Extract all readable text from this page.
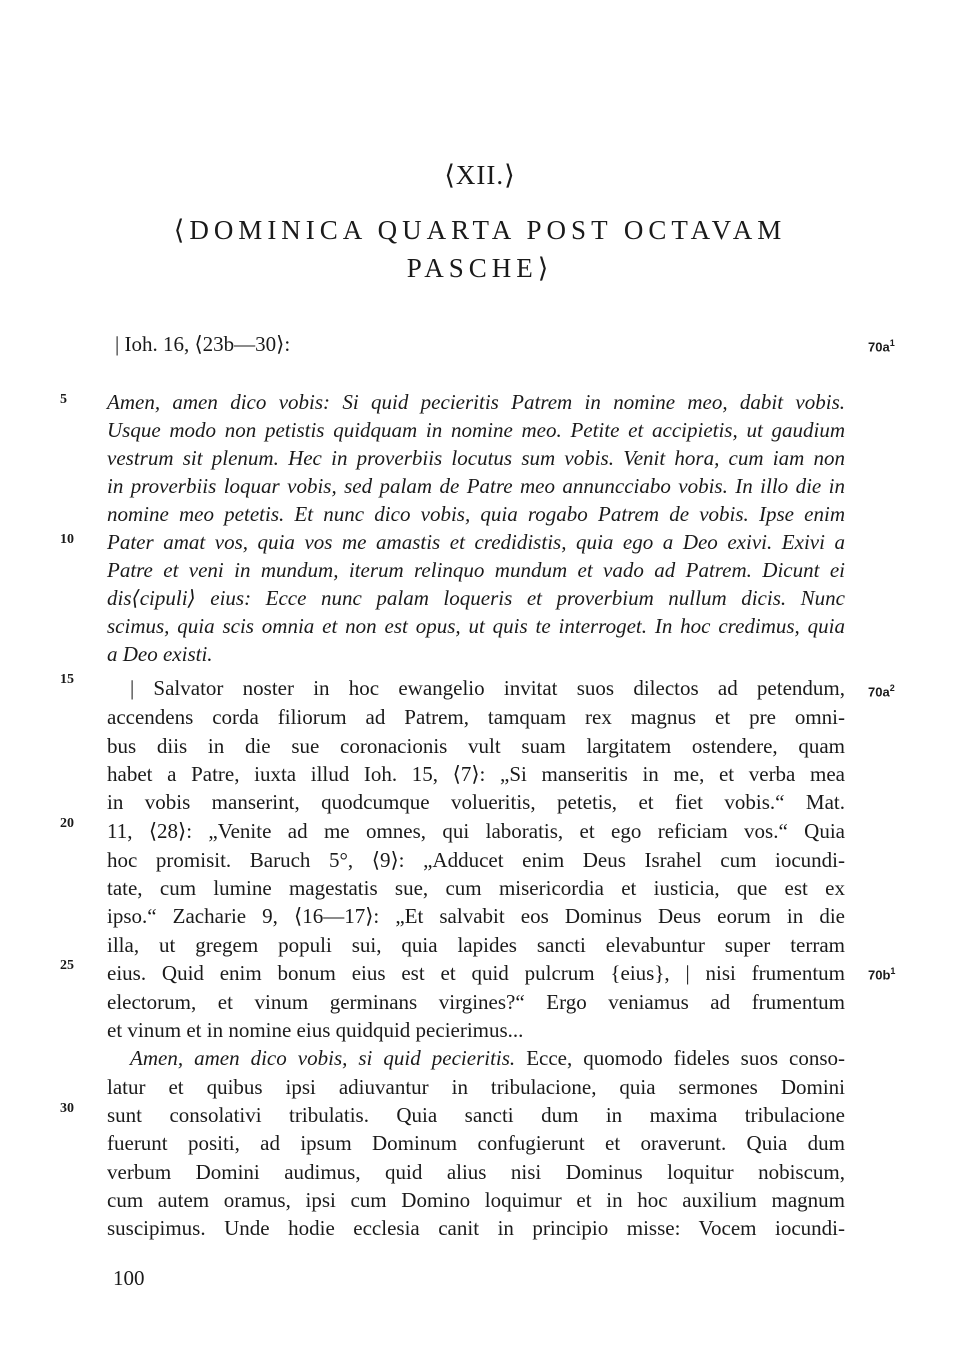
⟨XII.⟩
⟨DOMINICA QUARTA POST OCTAVAM
PASCHE⟩
| Ioh. 16, ⟨23b—30⟩:	$70a^1$
5
10
15
20
25
30
Amen, amen dico vobis: Si quid pecieritis Patrem in nomine meo, dabit vobis.
Usque modo non petistis quidquam in nomine meo. Petite et accipietis, ut gaudium
vestrum sit plenum. Hec in proverbiis locutus sum vobis. Venit hora, cum iam non
in proverbiis loquar vobis, sed palam de Patre meo annuncciabo vobis. In illo die in
nomine meo petetis. Et nunc dico vobis, quia rogabo Patrem de vobis. Ipse enim
Pater amat vos, quia vos me amastis et credidistis, quia ego a Deo exivi. Exivi a
Patre et veni in mundum, iterum relinquo mundum et vado ad Patrem. Dicunt ei
dis⟨cipuli⟩ eius: Ecce nunc palam loqueris et proverbium nullum dicis. Nunc
scimus, quia scis omnia et non est opus, ut quis te interroget. In hoc credimus, quia
a Deo existi.
$70a^2$
$70b^1$
| Salvator noster in hoc ewangelio invitat suos dilectos ad petendum,
accendens corda filiorum ad Patrem, tamquam rex magnus et pre omni-
bus diis in die sue coronacionis vult suam largitatem ostendere, quam
habet a Patre, iuxta illud Ioh. 15, ⟨7⟩: „Si manseritis in me, et verba mea
in vobis manserint, quodcumque volueritis, petetis, et fiet vobis.“ Mat.
11, ⟨28⟩: „Venite ad me omnes, qui laboratis, et ego reficiam vos.“ Quia
hoc promisit. Baruch 5°, ⟨9⟩: „Adducet enim Deus Israhel cum iocundi-
tate, cum lumine magestatis sue, cum misericordia et iusticia, que est ex
ipso.“ Zacharie 9, ⟨16—17⟩: „Et salvabit eos Dominus Deus eorum in die
illa, ut gregem populi sui, quia lapides sancti elevabuntur super terram
eius. Quid enim bonum eius est et quid pulcrum {eius}, | nisi frumentum
electorum, et vinum germinans virgines?“ Ergo veniamus ad frumentum
et vinum et in nomine eius quidquid pecierimus...
Amen, amen dico vobis, si quid pecieritis. Ecce, quomodo fideles suos conso-
latur et quibus ipsi adiuvantur in tribulacione, quia sermones Domini
sunt consolativi tribulatis. Quia sancti dum in maxima tribulacione
fuerunt positi, ad ipsum Dominum confugierunt et oraverunt. Quia dum
verbum Domini audimus, quid alius nisi Dominus loquitur nobiscum,
cum autem oramus, ipsi cum Domino loquimur et in hoc auxilium magnum
suscipimus. Unde hodie ecclesia canit in principio misse: Vocem iocundi-
100
